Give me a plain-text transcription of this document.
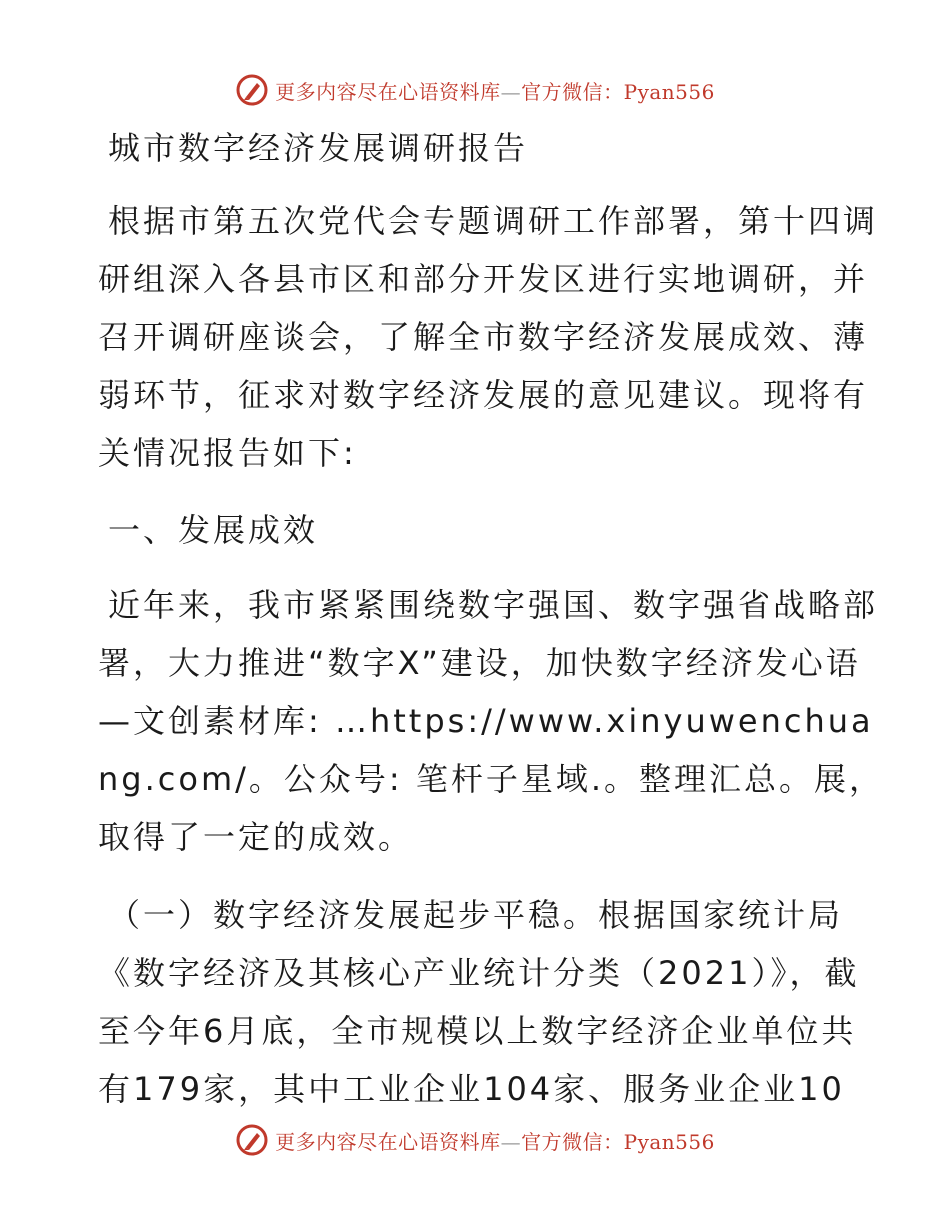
更多内容尽在心语资料库—官方微信：Pyan556
城市数字经济发展调研报告

根据市第五次党代会专题调研工作部署，第十四调研组深入各县市区和部分开发区进行实地调研，并召开调研座谈会，了解全市数字经济发展成效、薄弱环节，征求对数字经济发展的意见建议。现将有关情况报告如下:

一、发展成效

近年来，我市紧紧围绕数字强国、数字强省战略部署，大力推进“数字X”建设，加快数字经济发心语—文创素材库: …https://www.xinyuwenchuang.com/。公众号: 笔杆子星域.。整理汇总。展，取得了一定的成效。

（一）数字经济发展起步平稳。根据国家统计局《数字经济及其核心产业统计分类（2021）》，截至今年6月底，全市规模以上数字经济企业单位共有179家，其中工业企业104家、服务业企业10

更多内容尽在心语资料库—官方微信：Pyan556
